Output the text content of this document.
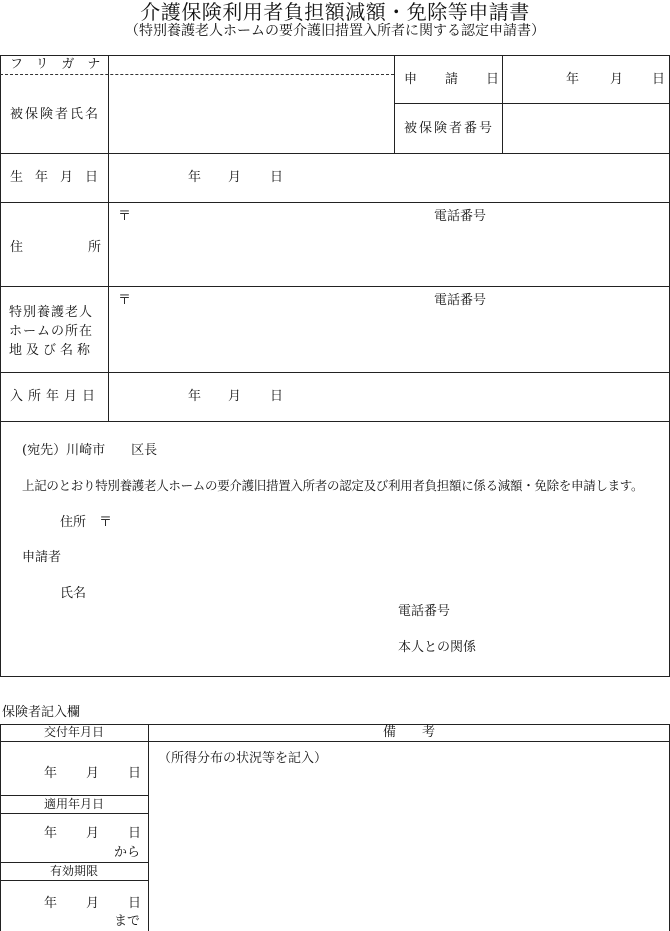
介護保険利用者負担額減額・免除等申請書
（特別養護老人ホームの要介護旧措置入所者に関する認定申請書）
フリガナ
被保険者氏名
申請日	年 月 日
被保険者番号
生年月日	年 月 日
住	所
〒	電話番号
特別養護老人
ホームの所在
地及び名称
〒	電話番号
入所年月日	年 月 日
(宛先）川崎市　　区長
上記のとおり特別養護老人ホームの要介護旧措置入所者の認定及び利用者負担額に係る減額・免除を申請します。
住所　〒
申請者
氏名
電話番号
本人との関係
保険者記入欄
交付年月日	備　　考
年 月 日
（所得分布の状況等を記入）
適用年月日
年 月 日
から
有効期限
年 月 日
まで
